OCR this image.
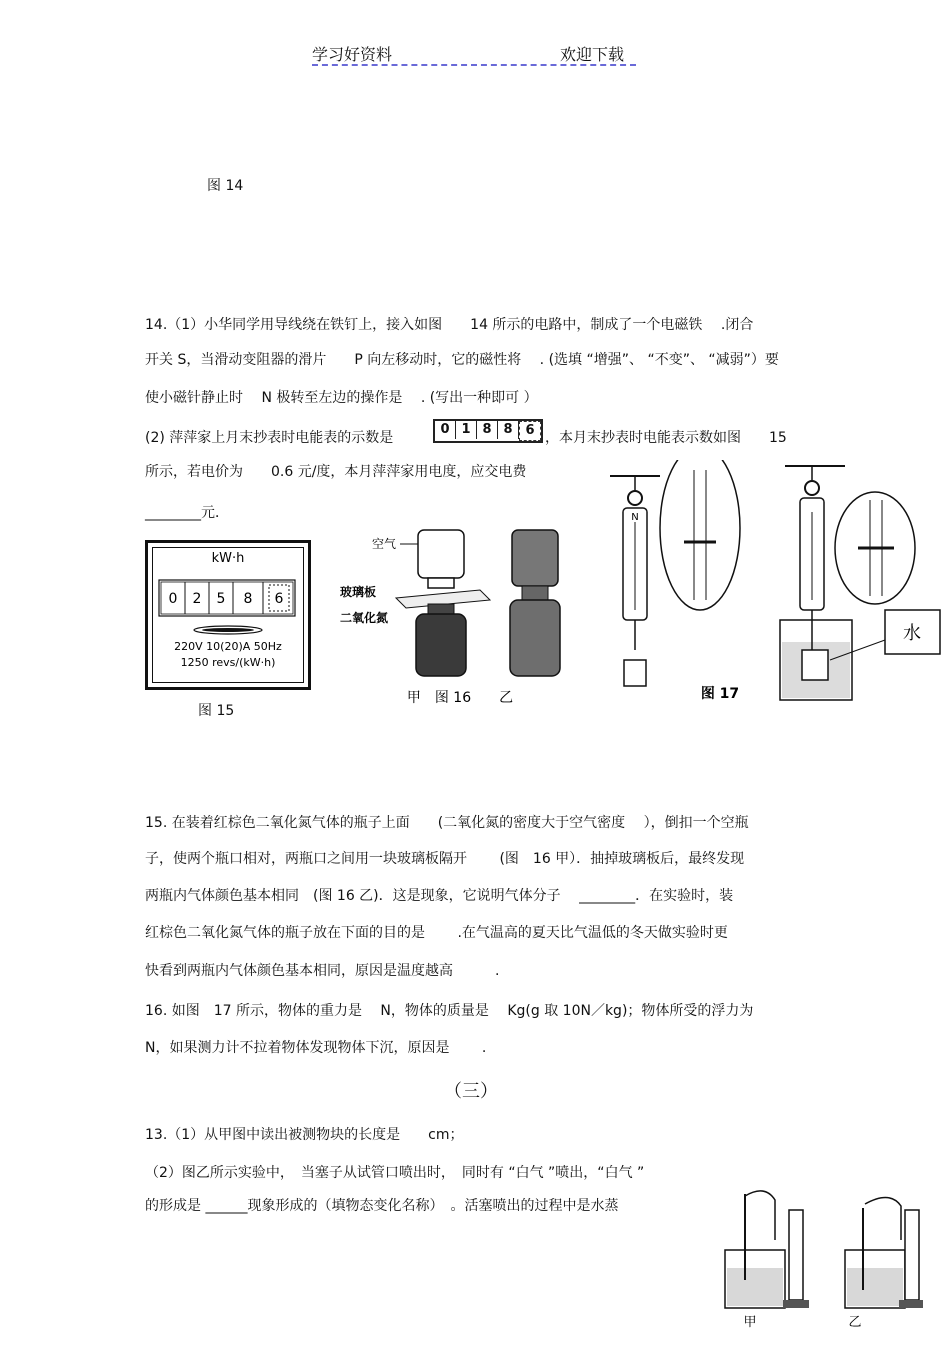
学习好资料	欢迎下载
图 14
14.（1）小华同学用导线绕在铁钉上，接入如图　　14 所示的电路中，制成了一个电磁铁　 .闭合
开关 S，当滑动变阻器的滑片　　P 向左移动时，它的磁性将　 . (选填 “增强”、 “不变”、 “减弱”）要
使小磁针静止时　 N 极转至左边的操作是　 . (写出一种即可 ）
(2) 萍萍家上月末抄表时电能表的示数是
0 1 8 8 6 ，本月末抄表时电能表示数如图　　15
所示，若电价为　　0.6 元/度，本月萍萍家用电度，应交电费
________元．
kW·h
0 2 5 8 6
220V 10(20)A 50Hz
1250 revs/(kW·h)
图 15
空气
玻璃板
二氧化氮
甲　图 16　　乙
N
水
图 17
15. 在装着红棕色二氧化氮气体的瓶子上面　　(二氧化氮的密度大于空气密度　 ），倒扣一个空瓶
子，使两个瓶口相对，两瓶口之间用一块玻璃板隔开　　 (图　16 甲）．抽掉玻璃板后，最终发现
两瓶内气体颜色基本相同　(图 16 乙)．这是现象，它说明气体分子　 ________．在实验时，装
红棕色二氧化氮气体的瓶子放在下面的目的是　　 .在气温高的夏天比气温低的冬天做实验时更
快看到两瓶内气体颜色基本相同，原因是温度越高　　　.
16. 如图　17 所示，物体的重力是　 N，物体的质量是　 Kg(g 取 10N／kg)；物体所受的浮力为
N，如果测力计不拉着物体发现物体下沉，原因是　　 .
（三）
13.（1）从甲图中读出被测物块的长度是　　cm；
（2）图乙所示实验中，　当塞子从试管口喷出时，　同时有 “白气 ”喷出，“白气 ”
的形成是 ______现象形成的（填物态变化名称）　。活塞喷出的过程中是水蒸
甲	乙
